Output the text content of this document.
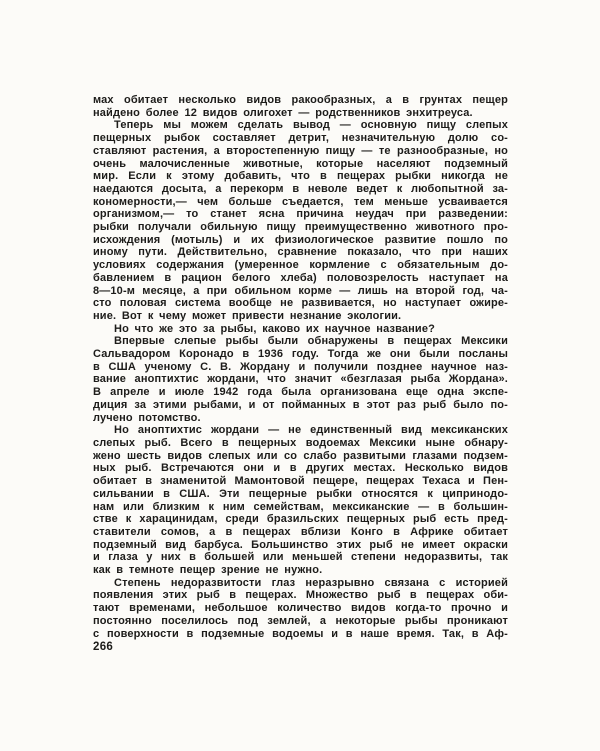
мах обитает несколько видов ракообразных, а в грунтах пещер
найдено более 12 видов олигохет — родственников энхитреуса.
Теперь мы можем сделать вывод — основную пищу слепых
пещерных рыбок составляет детрит, незначительную долю со-
ставляют растения, а второстепенную пищу — те разнообразные, но
очень малочисленные животные, которые населяют подземный
мир. Если к этому добавить, что в пещерах рыбки никогда не
наедаются досыта, а перекорм в неволе ведет к любопытной за-
кономерности,— чем больше съедается, тем меньше усваивается
организмом,— то станет ясна причина неудач при разведении:
рыбки получали обильную пищу преимущественно животного про-
исхождения (мотыль) и их физиологическое развитие пошло по
иному пути. Действительно, сравнение показало, что при наших
условиях содержания (умеренное кормление с обязательным до-
бавлением в рацион белого хлеба) половозрелость наступает на
8—10-м месяце, а при обильном корме — лишь на второй год, ча-
сто половая система вообще не развивается, но наступает ожире-
ние. Вот к чему может привести незнание экологии.
Но что же это за рыбы, каково их научное название?
Впервые слепые рыбы были обнаружены в пещерах Мексики
Сальвадором Коронадо в 1936 году. Тогда же они были посланы
в США ученому С. В. Жордану и получили позднее научное наз-
вание аноптихтис жордани, что значит «безглазая рыба Жордана».
В апреле и июле 1942 года была организована еще одна экспе-
диция за этими рыбами, и от пойманных в этот раз рыб было по-
лучено потомство.
Но аноптихтис жордани — не единственный вид мексиканских
слепых рыб. Всего в пещерных водоемах Мексики ныне обнару-
жено шесть видов слепых или со слабо развитыми глазами подзем-
ных рыб. Встречаются они и в других местах. Несколько видов
обитает в знаменитой Мамонтовой пещере, пещерах Техаса и Пен-
сильвании в США. Эти пещерные рыбки относятся к ципринодо-
нам или близким к ним семействам, мексиканские — в большин-
стве к харацинидам, среди бразильских пещерных рыб есть пред-
ставители сомов, а в пещерах вблизи Конго в Африке обитает
подземный вид барбуса. Большинство этих рыб не имеет окраски
и глаза у них в большей или меньшей степени недоразвиты, так
как в темноте пещер зрение не нужно.
Степень недоразвитости глаз неразрывно связана с историей
появления этих рыб в пещерах. Множество рыб в пещерах оби-
тают временами, небольшое количество видов когда-то прочно и
постоянно поселилось под землей, а некоторые рыбы проникают
с поверхности в подземные водоемы и в наше время. Так, в Аф-
266
